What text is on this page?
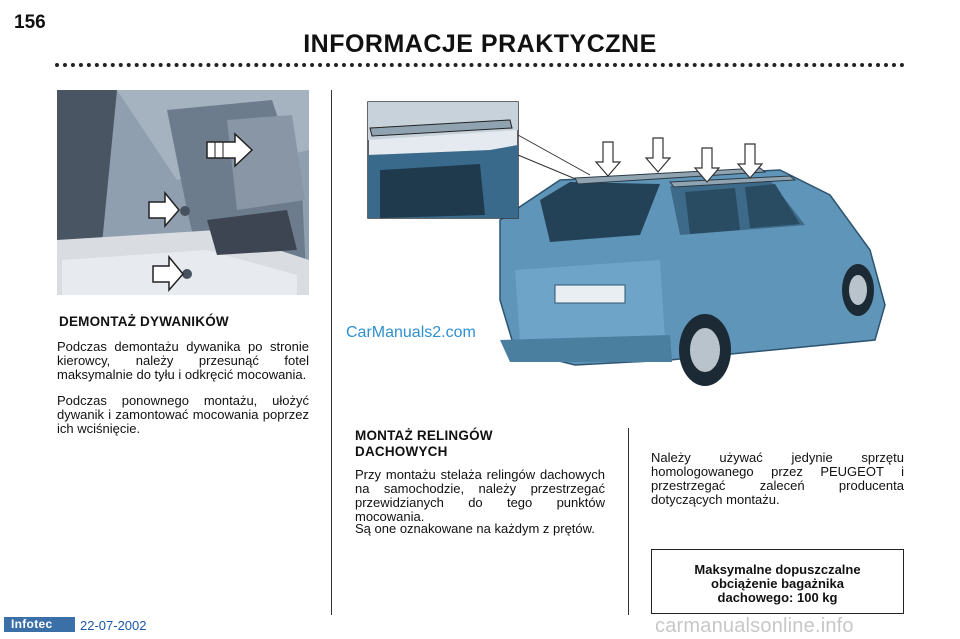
156
INFORMACJE PRAKTYCZNE
DEMONTAŻ DYWANIKÓW
Podczas demontażu dywanika po stronie kierowcy, należy przesunąć fotel maksymalnie do tyłu i odkręcić mocowania.
Podczas ponownego montażu, ułożyć dywanik i zamontować mocowania poprzez ich wciśnięcie.	MONTAŻ RELINGÓW
DACHOWYCH
Przy montażu stelaża relingów dachowych na samochodzie, należy przestrzegać przewidzianych do tego punktów mocowania.
Są one oznakowane na każdym z prętów.
Należy używać jedynie sprzętu homologowanego przez PEUGEOT i przestrzegać zaleceń producenta dotyczących montażu.
Maksymalne dopuszczalne
obciążenie bagażnika
dachowego: 100 kg
CarManuals2.com
Infotec	22-07-2002	carmanualsonline.info
